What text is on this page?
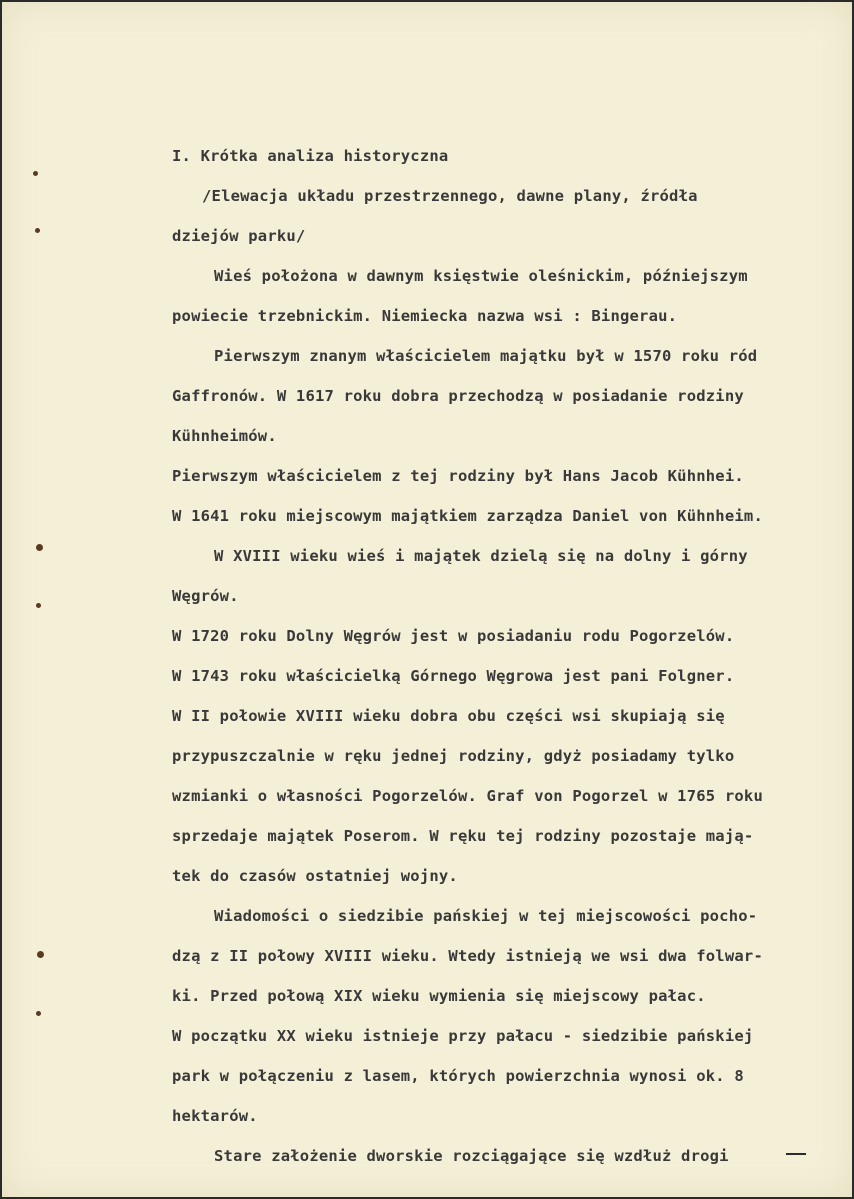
I. Krótka analiza historyczna
/Elewacja układu przestrzennego, dawne plany, źródła
dziejów parku/
Wieś położona w dawnym księstwie oleśnickim, późniejszym
powiecie trzebnickim. Niemiecka nazwa wsi : Bingerau.
Pierwszym znanym właścicielem majątku był w 1570 roku ród
Gaffronów. W 1617 roku dobra przechodzą w posiadanie rodziny
Kühnheimów.
Pierwszym właścicielem z tej rodziny był Hans Jacob Kühnhei.
W 1641 roku miejscowym majątkiem zarządza Daniel von Kühnheim.
W XVIII wieku wieś i majątek dzielą się na dolny i górny
Węgrów.
W 1720 roku Dolny Węgrów jest w posiadaniu rodu Pogorzelów.
W 1743 roku właścicielką Górnego Węgrowa jest pani Folgner.
W II połowie XVIII wieku dobra obu części wsi skupiają się
przypuszczalnie w ręku jednej rodziny, gdyż posiadamy tylko
wzmianki o własności Pogorzelów. Graf von Pogorzel w 1765 roku
sprzedaje majątek Poserom. W ręku tej rodziny pozostaje mają-
tek do czasów ostatniej wojny.
Wiadomości o siedzibie pańskiej w tej miejscowości pocho-
dzą z II połowy XVIII wieku. Wtedy istnieją we wsi dwa folwar-
ki. Przed połową XIX wieku wymienia się miejscowy pałac.
W początku XX wieku istnieje przy pałacu - siedzibie pańskiej
park w połączeniu z lasem, których powierzchnia wynosi ok. 8
hektarów.
Stare założenie dworskie rozciągające się wzdłuż drogi
